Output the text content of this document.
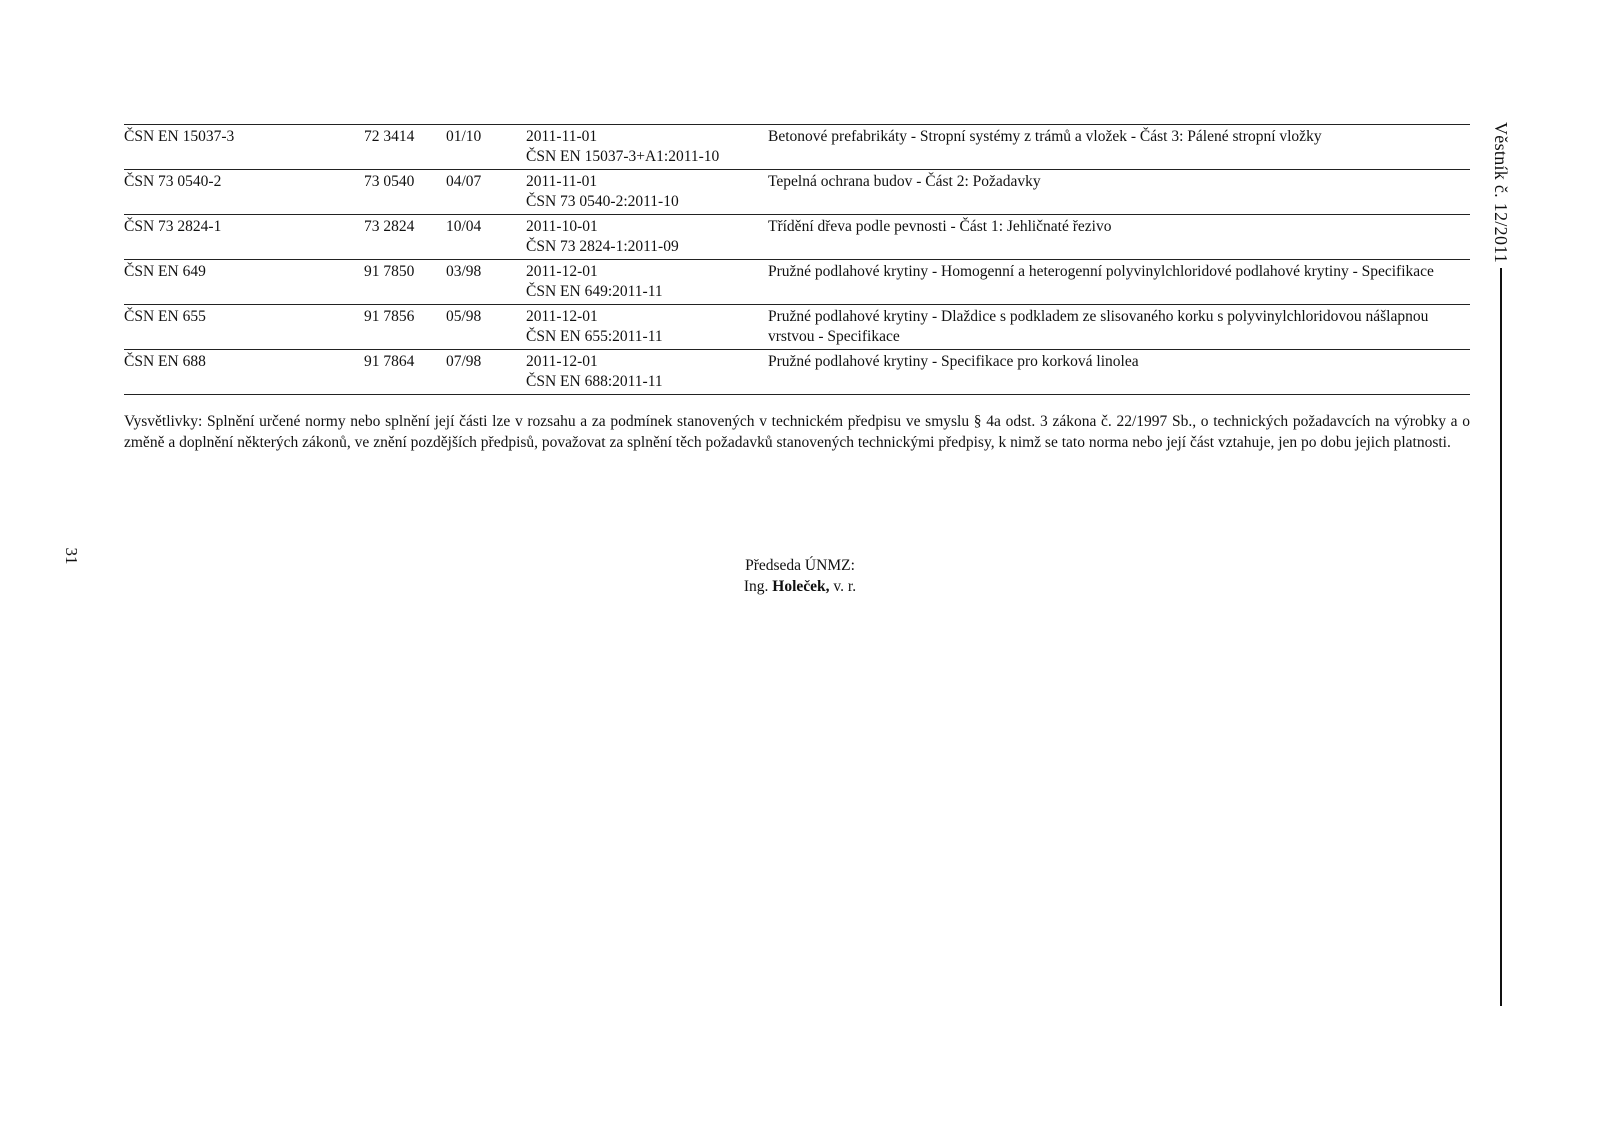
31
Věstník č. 12/2011
ČSN EN 15037-3	72 3414	01/10	2011-11-01
ČSN EN 15037-3+A1:2011-10	Betonové prefabrikáty - Stropní systémy z trámů a vložek - Část 3: Pálené stropní vložky

ČSN 73 0540-2	73 0540	04/07	2011-11-01
ČSN 73 0540-2:2011-10	Tepelná ochrana budov - Část 2: Požadavky

ČSN 73 2824-1	73 2824	10/04	2011-10-01
ČSN 73 2824-1:2011-09	Třídění dřeva podle pevnosti - Část 1: Jehličnaté řezivo

ČSN EN 649	91 7850	03/98	2011-12-01
ČSN EN 649:2011-11	Pružné podlahové krytiny - Homogenní a heterogenní polyvinylchloridové podlahové krytiny - Specifikace

ČSN EN 655	91 7856	05/98	2011-12-01
ČSN EN 655:2011-11	Pružné podlahové krytiny - Dlaždice s podkladem ze slisovaného korku s polyvinylchloridovou nášlapnou vrstvou - Specifikace

ČSN EN 688	91 7864	07/98	2011-12-01
ČSN EN 688:2011-11	Pružné podlahové krytiny - Specifikace pro korková linolea
Vysvětlivky: Splnění určené normy nebo splnění její části lze v rozsahu a za podmínek stanovených v technickém předpisu ve smyslu § 4a odst. 3 zákona č. 22/1997 Sb., o technických požadavcích na výrobky a o změně a doplnění některých zákonů, ve znění pozdějších předpisů, považovat za splnění těch požadavků stanovených technickými předpisy, k nimž se tato norma nebo její část vztahuje, jen po dobu jejich platnosti.
Předseda ÚNMZ:
Ing. Holeček, v. r.
